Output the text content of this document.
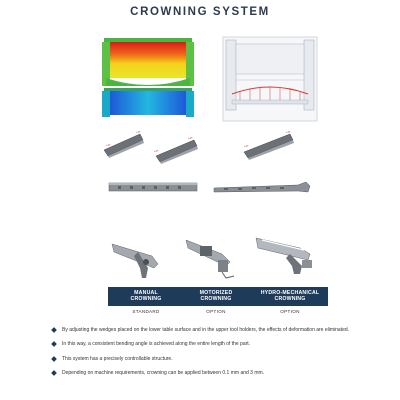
CROWNING SYSTEM
+0°
+0°
+0°
+0°
+0°
+0°
MANUAL
CROWNING
STANDARD
MOTORIZED
CROWNING
OPTION
HYDRO-MECHANICAL
CROWNING
OPTION
By adjusting the wedges placed on the lower table surface and in the upper tool holders, the effects of deformation are eliminated.
In this way, a consistent bending angle is achieved along the entire length of the part.
This system has a precisely controllable structure.
Depending on machine requirements, crowning can be applied between 0.1 mm and 3 mm.
